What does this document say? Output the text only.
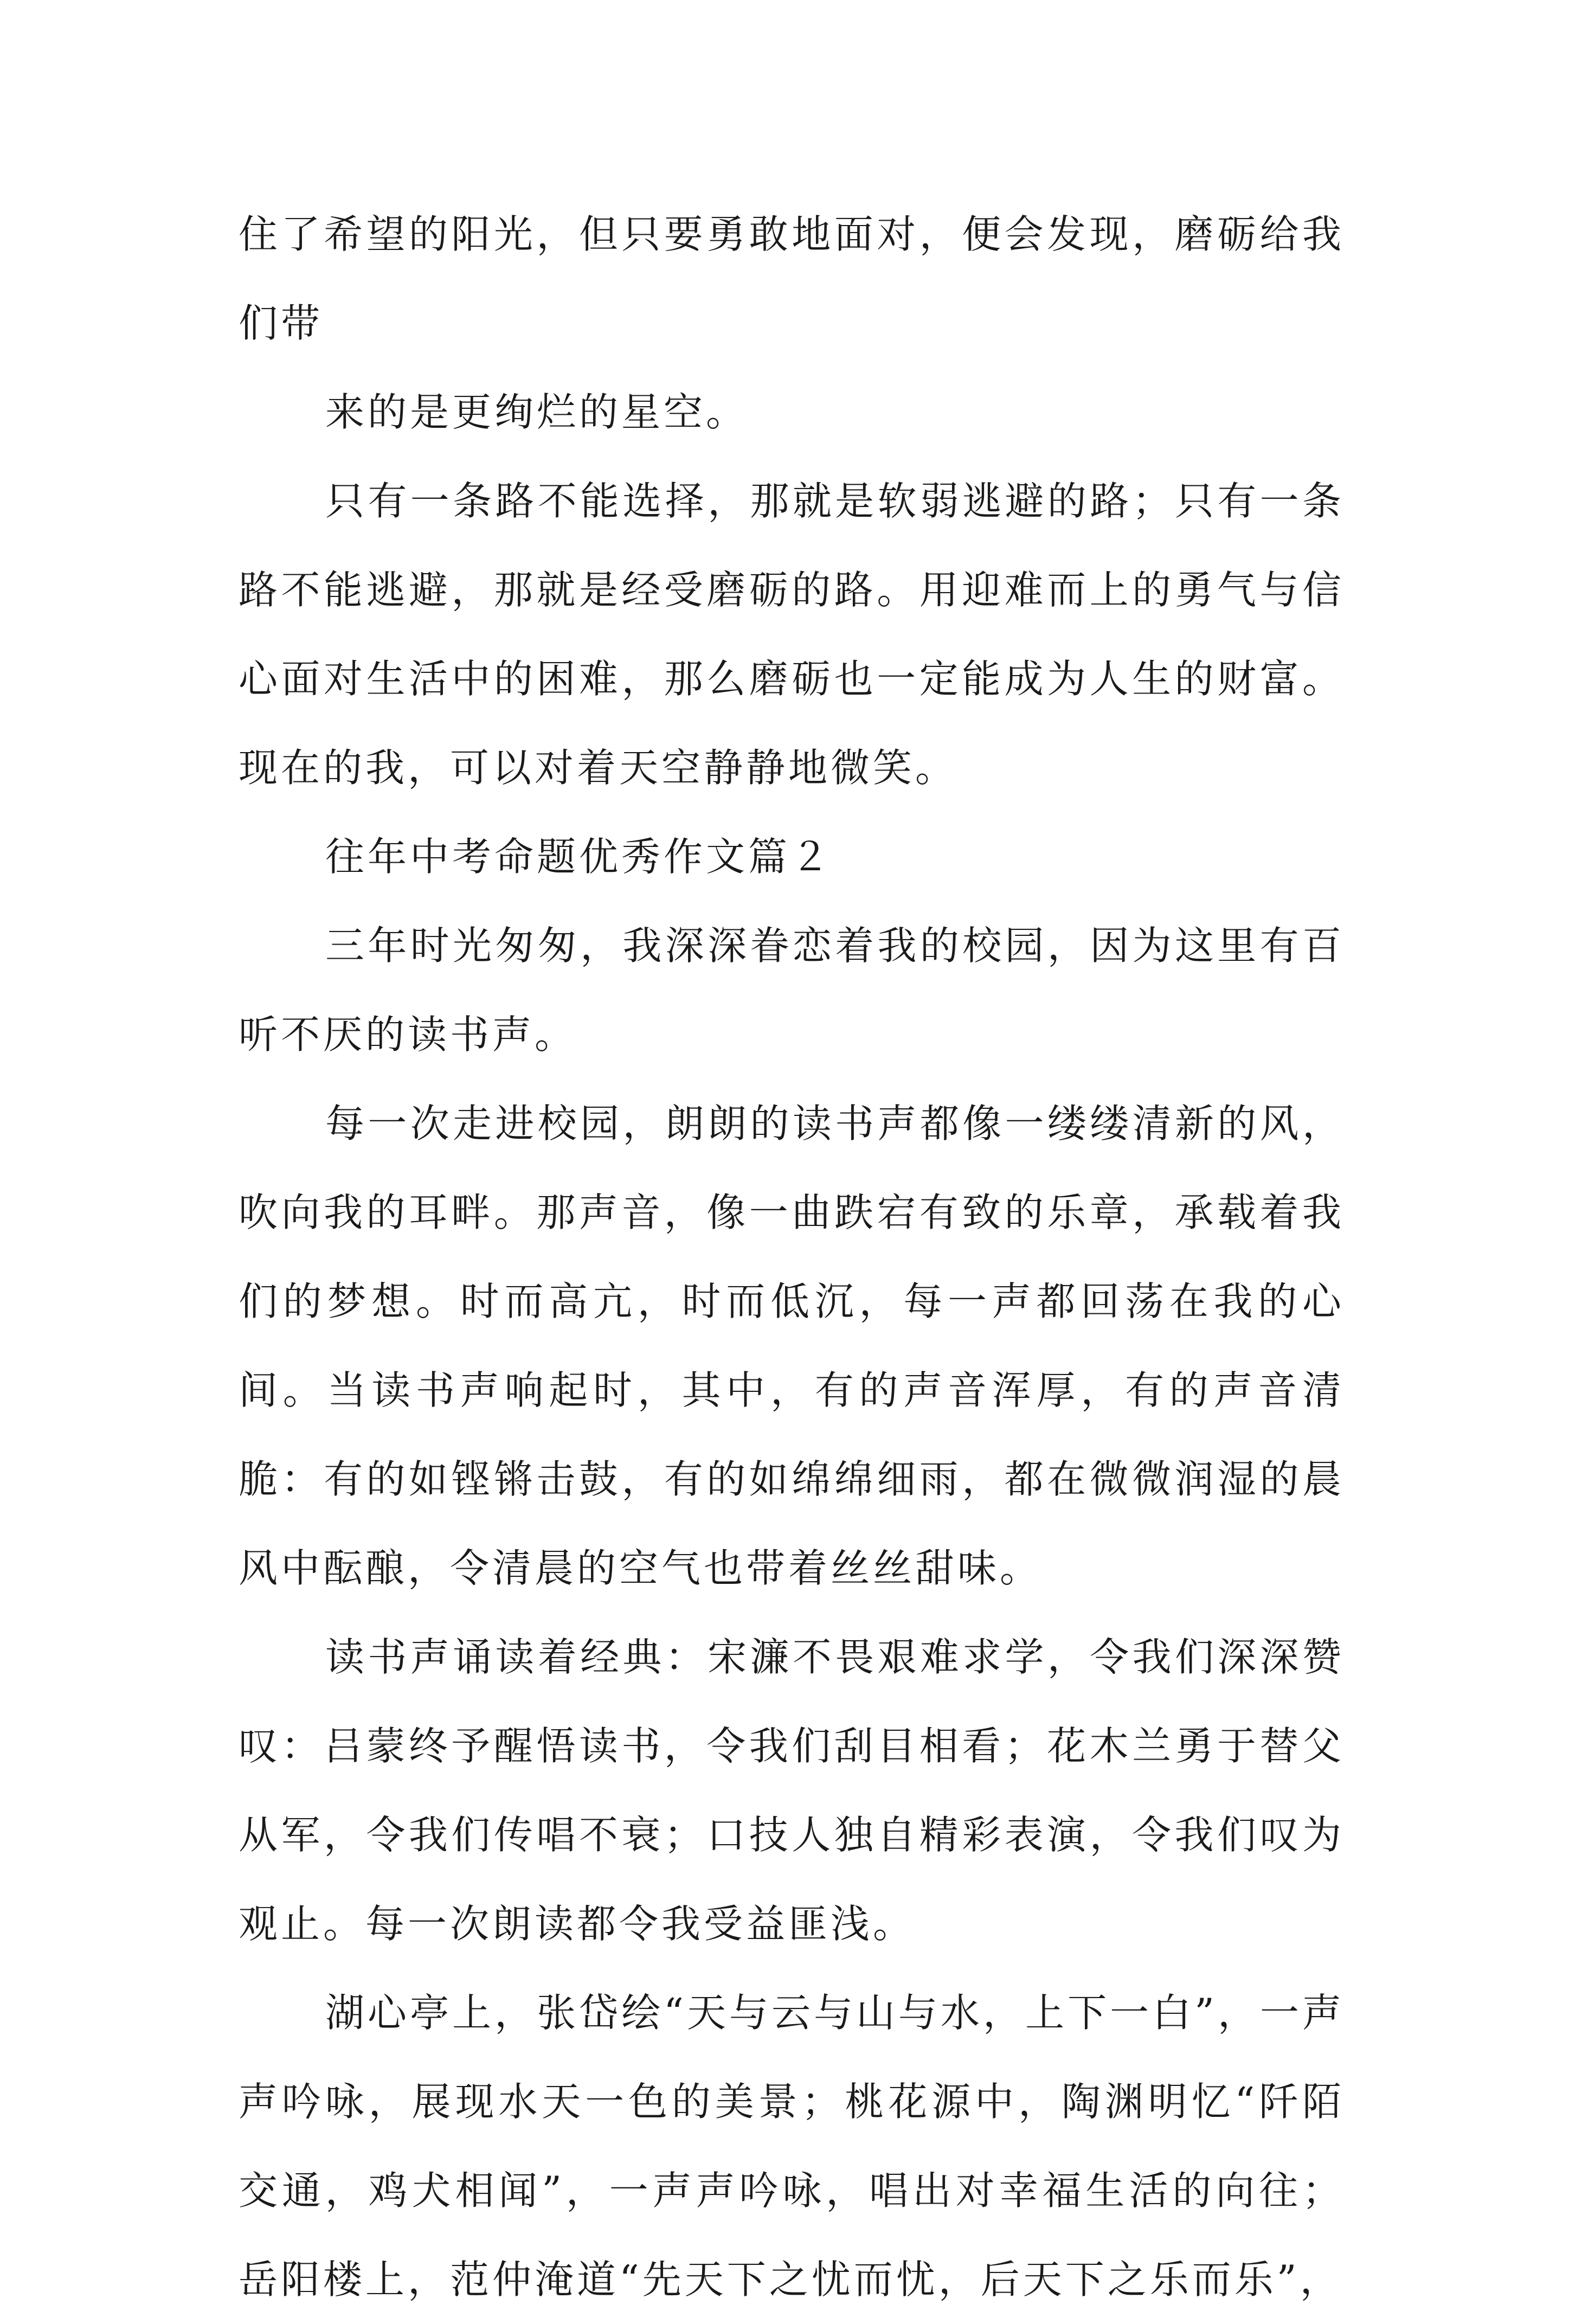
住了希望的阳光，但只要勇敢地面对，便会发现，磨砺给我们带

来的是更绚烂的星空。

只有一条路不能选择，那就是软弱逃避的路；只有一条路不能逃避，那就是经受磨砺的路。用迎难而上的勇气与信心面对生活中的困难，那么磨砺也一定能成为人生的财富。现在的我，可以对着天空静静地微笑。

往年中考命题优秀作文篇２

三年时光匆匆，我深深眷恋着我的校园，因为这里有百听不厌的读书声。

每一次走进校园，朗朗的读书声都像一缕缕清新的风，吹向我的耳畔。那声音，像一曲跌宕有致的乐章，承载着我们的梦想。时而高亢，时而低沉，每一声都回荡在我的心间。当读书声响起时，其中，有的声音浑厚，有的声音清脆：有的如铿锵击鼓，有的如绵绵细雨，都在微微润湿的晨风中酝酿，令清晨的空气也带着丝丝甜味。

读书声诵读着经典：宋濂不畏艰难求学，令我们深深赞叹：吕蒙终予醒悟读书，令我们刮目相看；花木兰勇于替父从军，令我们传唱不衰；口技人独自精彩表演，令我们叹为观止。每一次朗读都令我受益匪浅。

湖心亭上，张岱绘“天与云与山与水，上下一白”，一声声吟咏，展现水天一色的美景；桃花源中，陶渊明忆“阡陌交通，鸡犬相闻”，一声声吟咏，唱出对幸福生活的向往；岳阳楼上，范仲淹道“先天下之忧而忧，后天下之乐而乐”，
